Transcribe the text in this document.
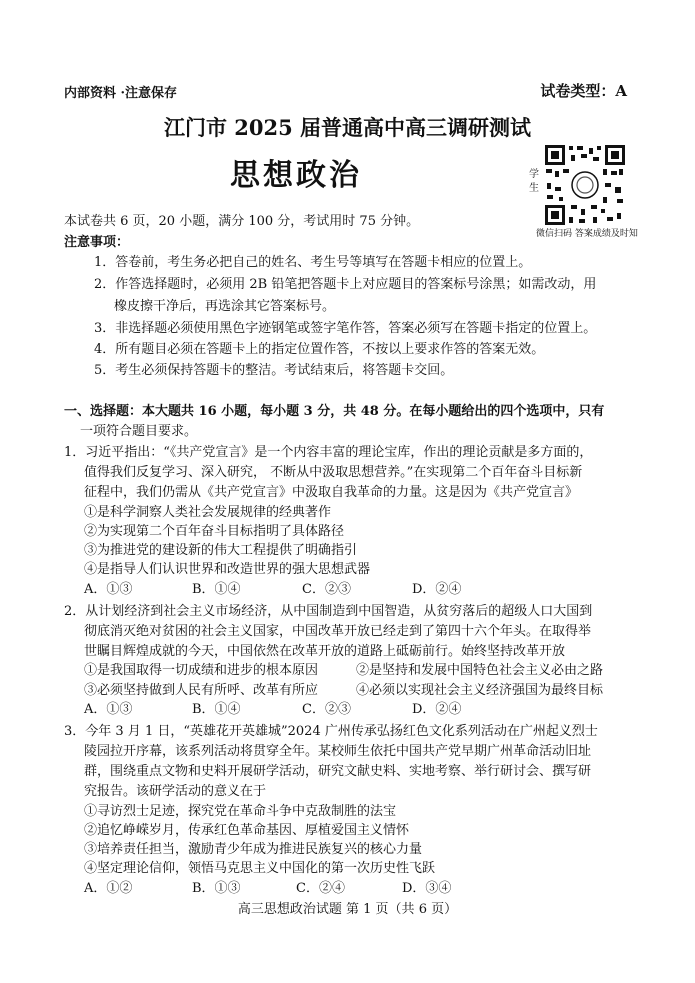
内部资料 ·注意保存	试卷类型：A
江门市 2025 届普通高中高三调研测试
思想政治	学生
微信扫码 答案成绩及时知
本试卷共 6 页，20 小题，满分 100 分，考试用时 75 分钟。
注意事项：
1．答卷前，考生务必把自己的姓名、考生号等填写在答题卡相应的位置上。
2．作答选择题时，必须用 2B 铅笔把答题卡上对应题目的答案标号涂黑；如需改动，用
橡皮擦干净后，再选涂其它答案标号。
3．非选择题必须使用黑色字迹钢笔或签字笔作答，答案必须写在答题卡指定的位置上。
4．所有题目必须在答题卡上的指定位置作答，不按以上要求作答的答案无效。
5．考生必须保持答题卡的整洁。考试结束后，将答题卡交回。
一、选择题：本大题共 16 小题，每小题 3 分，共 48 分。在每小题给出的四个选项中，只有
一项符合题目要求。
1．习近平指出：“《共产党宣言》是一个内容丰富的理论宝库，作出的理论贡献是多方面的，
值得我们反复学习、深入研究， 不断从中汲取思想营养。”在实现第二个百年奋斗目标新
征程中，我们仍需从《共产党宣言》中汲取自我革命的力量。这是因为《共产党宣言》
①是科学洞察人类社会发展规律的经典著作
②为实现第二个百年奋斗目标指明了具体路径
③为推进党的建设新的伟大工程提供了明确指引
④是指导人们认识世界和改造世界的强大思想武器
A．①③	B．①④	C．②③	D．②④
2．从计划经济到社会主义市场经济，从中国制造到中国智造，从贫穷落后的超级人口大国到
彻底消灭绝对贫困的社会主义国家，中国改革开放已经走到了第四十六个年头。在取得举
世瞩目辉煌成就的今天，中国依然在改革开放的道路上砥砺前行。始终坚持改革开放
①是我国取得一切成绩和进步的根本原因	②是坚持和发展中国特色社会主义必由之路
③必须坚持做到人民有所呼、改革有所应	④必须以实现社会主义经济强国为最终目标
A．①③	B．①④	C．②③	D．②④
3．今年 3 月 1 日，“英雄花开英雄城”2024 广州传承弘扬红色文化系列活动在广州起义烈士
陵园拉开序幕，该系列活动将贯穿全年。某校师生依托中国共产党早期广州革命活动旧址
群，围绕重点文物和史料开展研学活动，研究文献史料、实地考察、举行研讨会、撰写研
究报告。该研学活动的意义在于
①寻访烈士足迹，探究党在革命斗争中克敌制胜的法宝
②追忆峥嵘岁月，传承红色革命基因、厚植爱国主义情怀
③培养责任担当，激励青少年成为推进民族复兴的核心力量
④坚定理论信仰，领悟马克思主义中国化的第一次历史性飞跃
A．①②	B．①③	C．②④	D．③④
高三思想政治试题 第 1 页（共 6 页）
